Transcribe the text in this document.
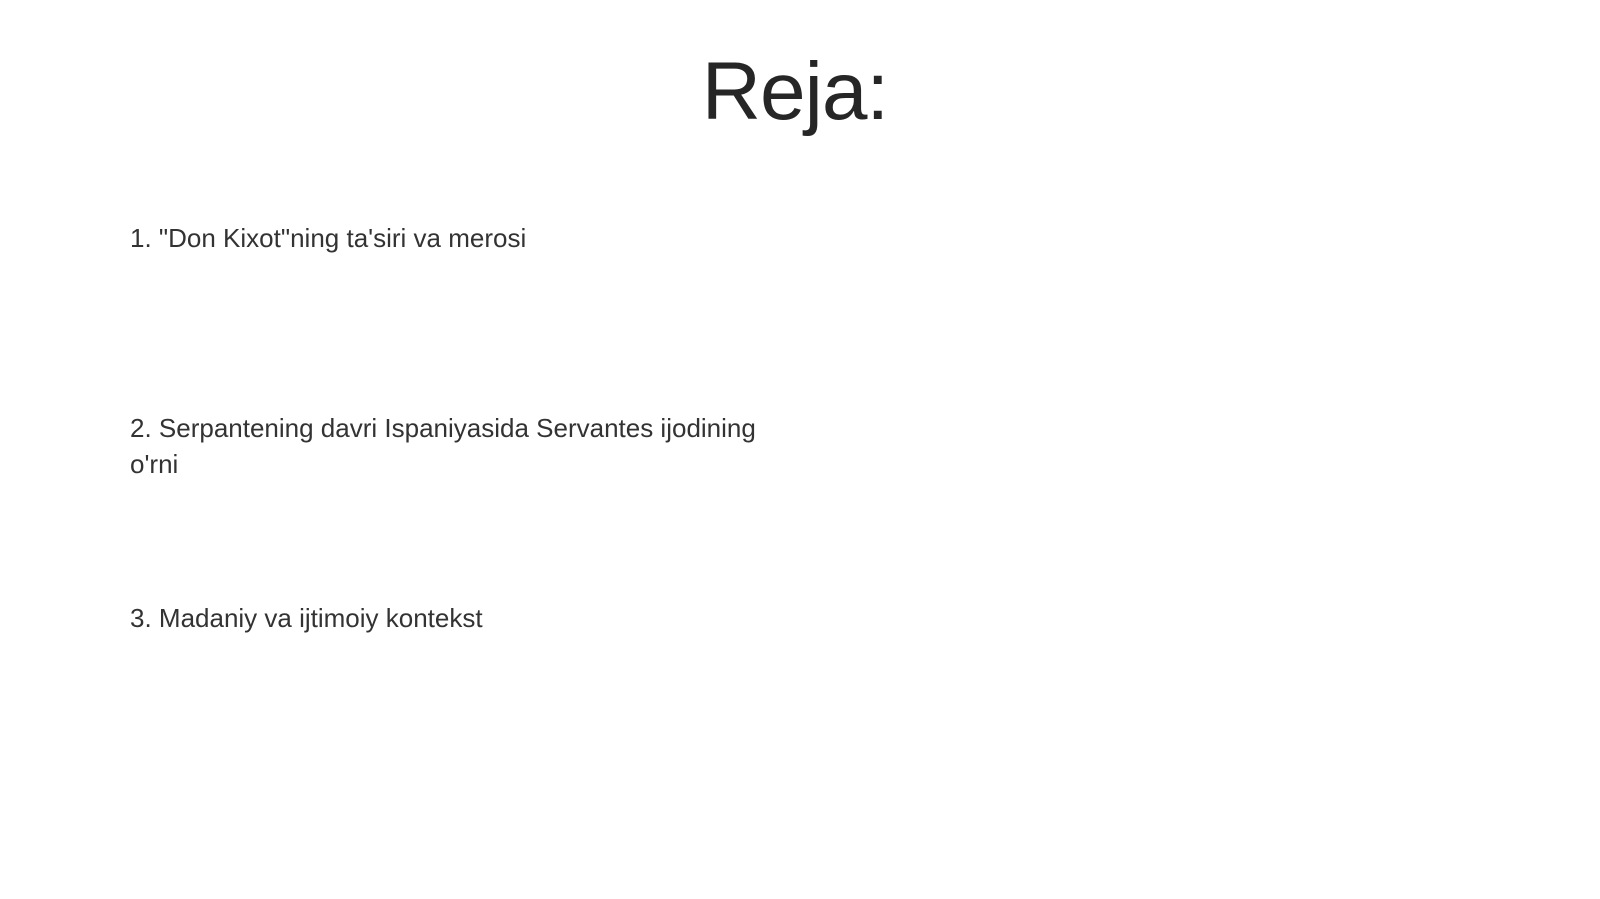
Reja:

1. "Don Kixot"ning ta'siri va merosi

2. Serpantening davri Ispaniyasida Servantes ijodining o'rni

3. Madaniy va ijtimoiy kontekst
